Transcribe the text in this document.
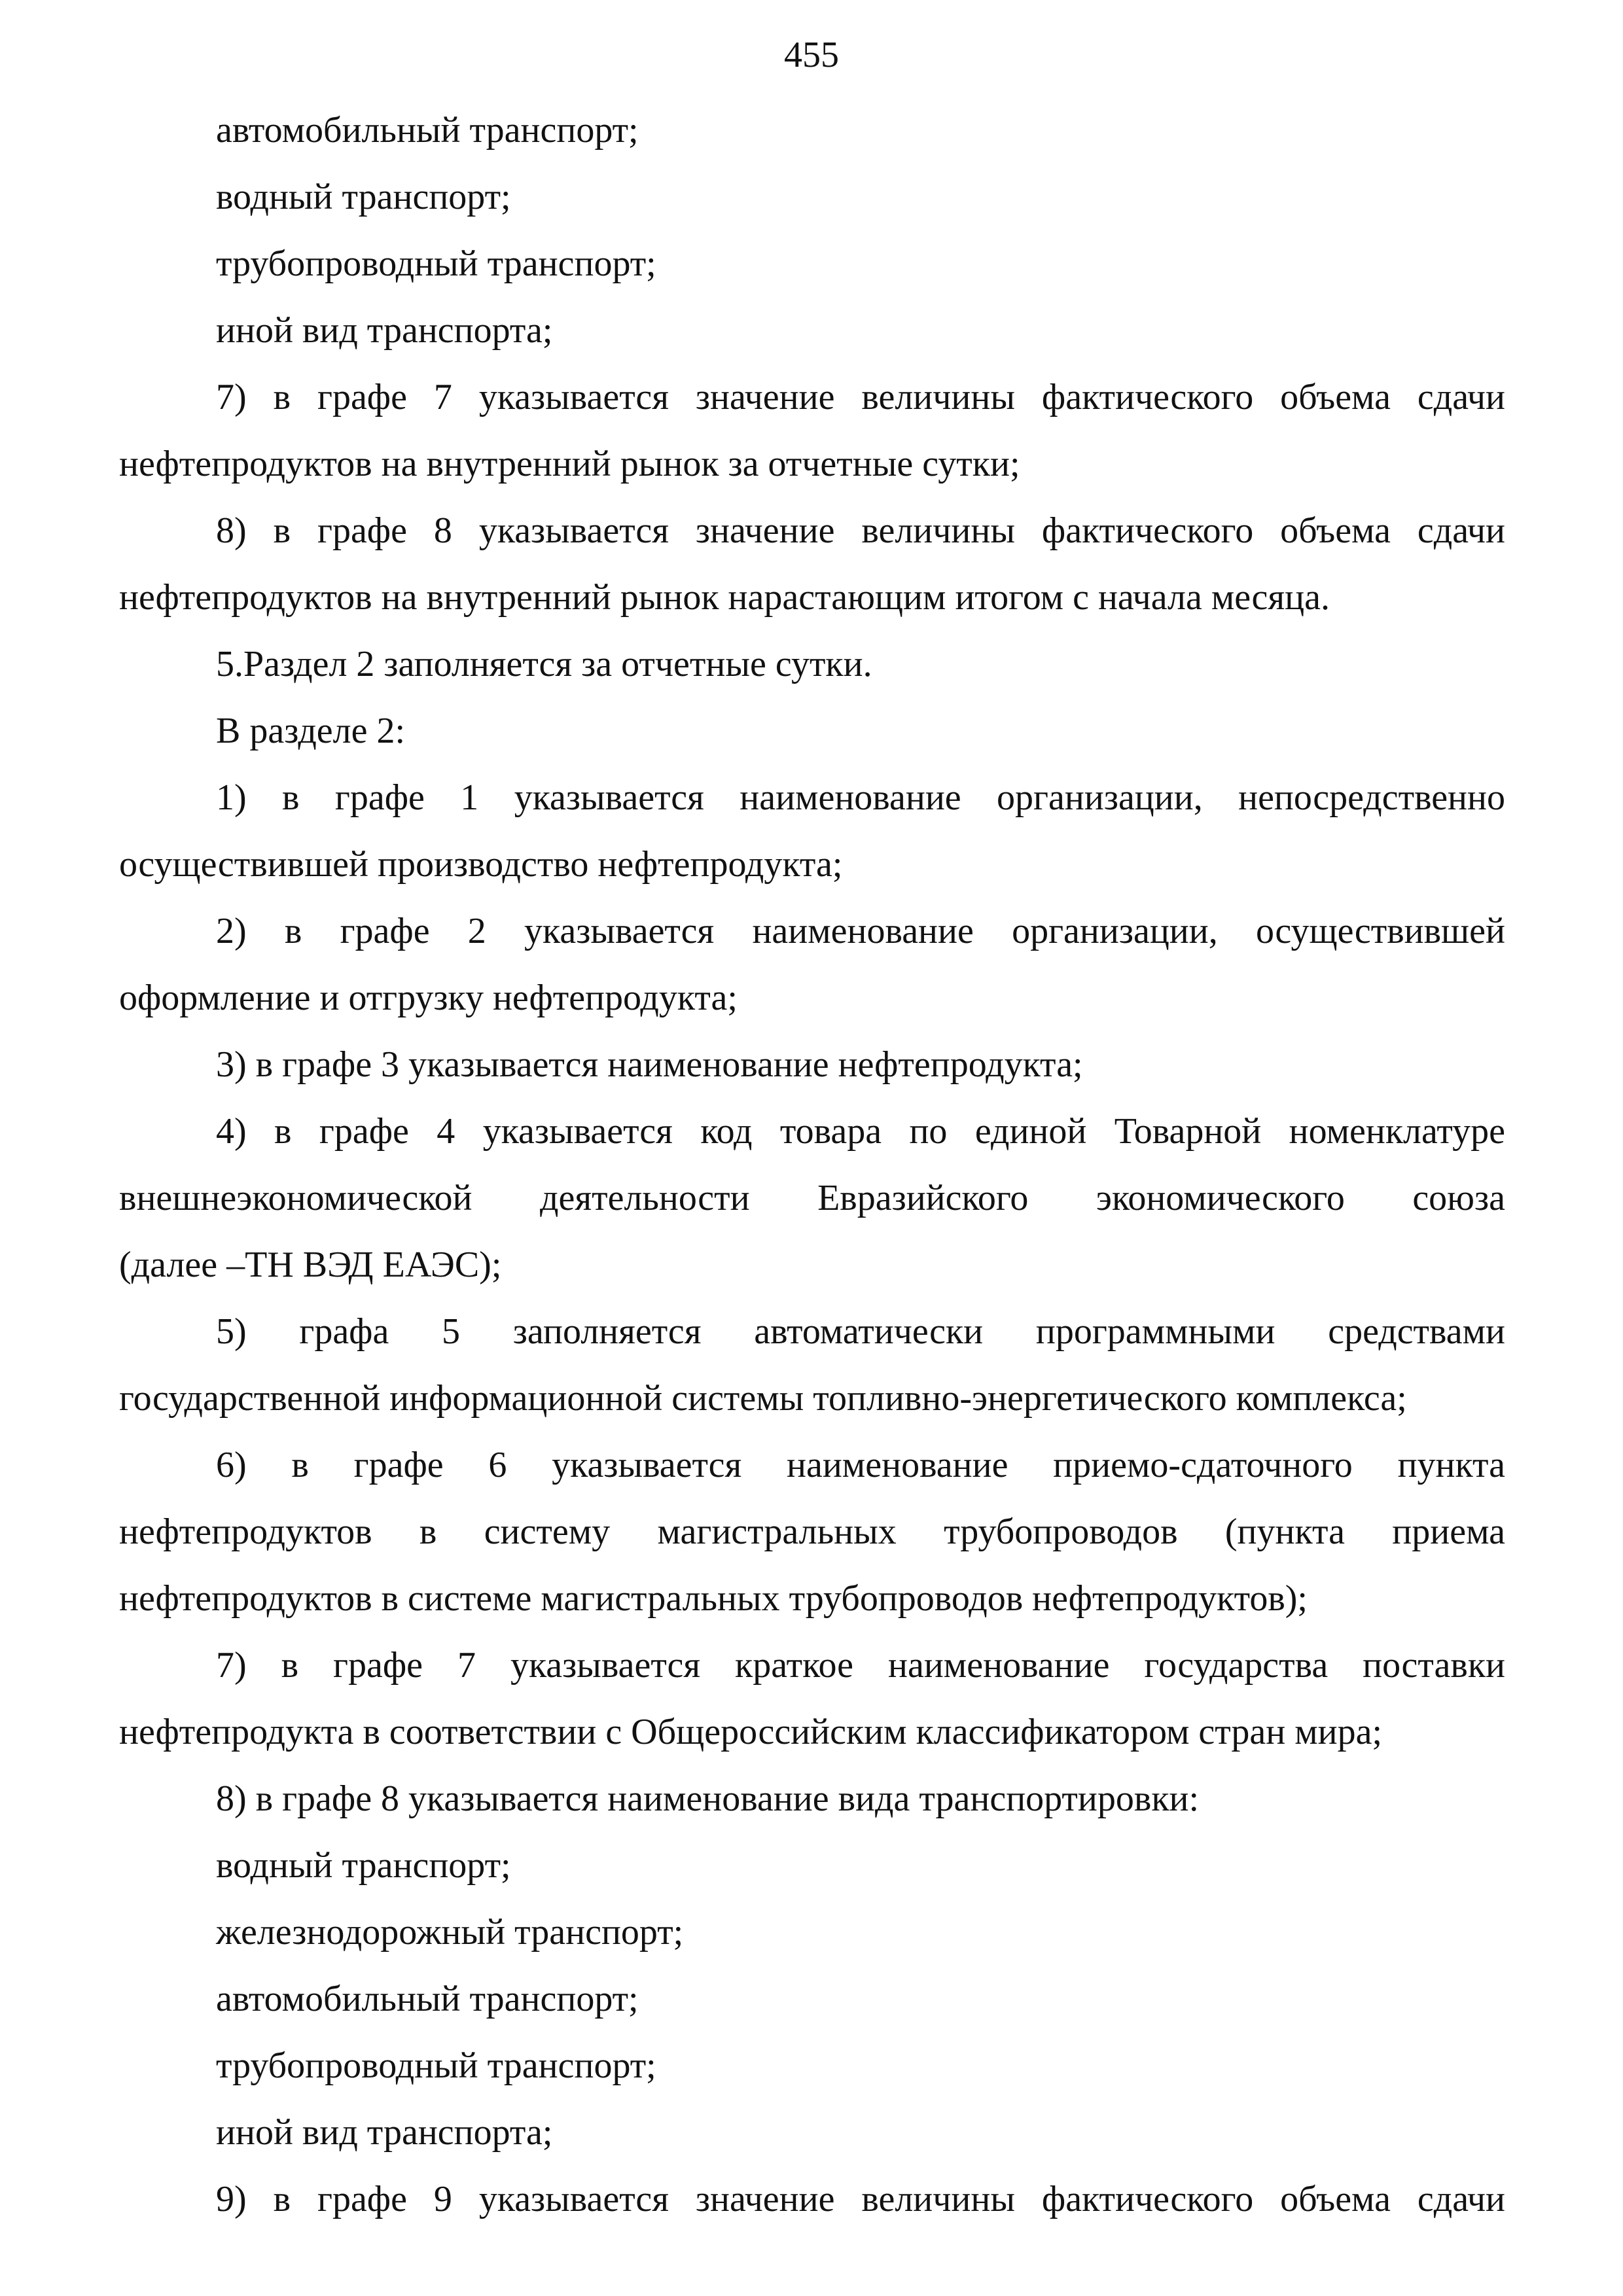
455
автомобильный транспорт;
водный транспорт;
трубопроводный транспорт;
иной вид транспорта;
7) в графе 7 указывается значение величины фактического объема сдачи
нефтепродуктов на внутренний рынок за отчетные сутки;
8) в графе 8 указывается значение величины фактического объема сдачи
нефтепродуктов на внутренний рынок нарастающим итогом с начала месяца.
5.Раздел 2 заполняется за отчетные сутки.
В разделе 2:
1) в графе 1 указывается наименование организации, непосредственно
осуществившей производство нефтепродукта;
2) в графе 2 указывается наименование организации, осуществившей
оформление и отгрузку нефтепродукта;
3) в графе 3 указывается наименование нефтепродукта;
4) в графе 4 указывается код товара по единой Товарной номенклатуре
внешнеэкономической деятельности Евразийского экономического союза
(далее –ТН ВЭД ЕАЭС);
5) графа 5 заполняется автоматически программными средствами
государственной информационной системы топливно-энергетического комплекса;
6) в графе 6 указывается наименование приемо-сдаточного пункта
нефтепродуктов в систему магистральных трубопроводов (пункта приема
нефтепродуктов в системе магистральных трубопроводов нефтепродуктов);
7) в графе 7 указывается краткое наименование государства поставки
нефтепродукта в соответствии с Общероссийским классификатором стран мира;
8) в графе 8 указывается наименование вида транспортировки:
водный транспорт;
железнодорожный транспорт;
автомобильный транспорт;
трубопроводный транспорт;
иной вид транспорта;
9) в графе 9 указывается значение величины фактического объема сдачи
